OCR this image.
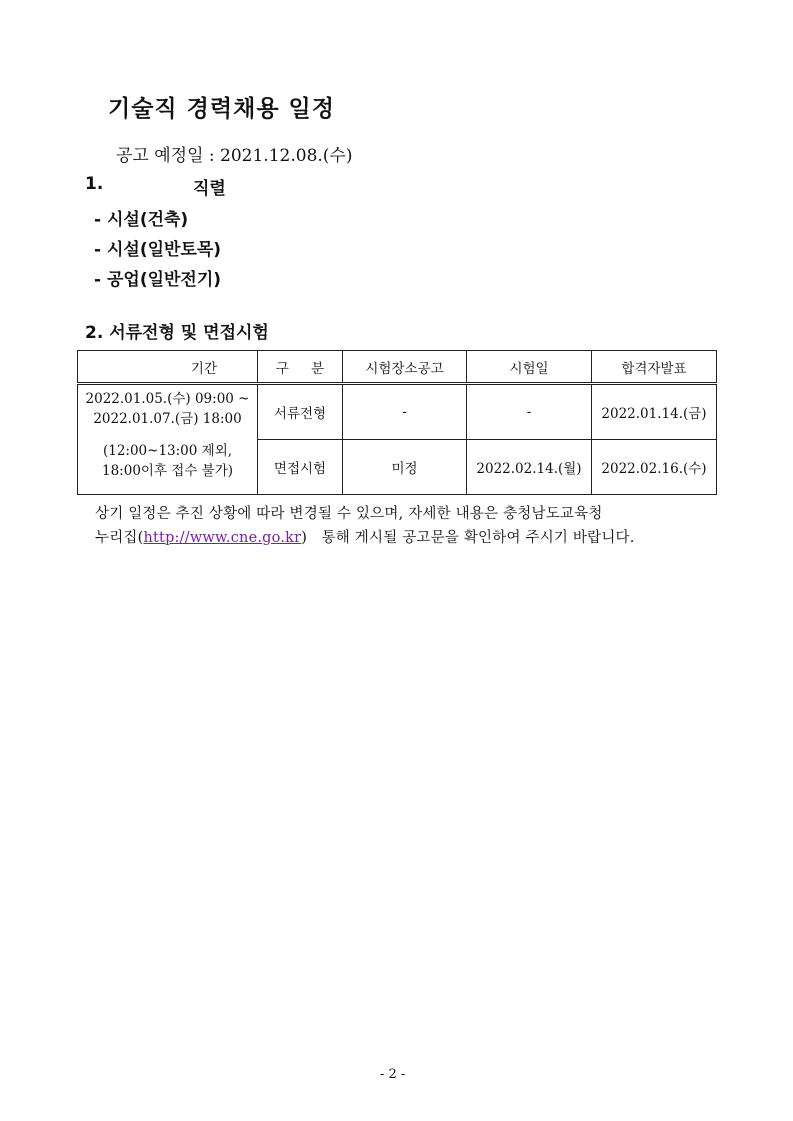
기술직 경력채용 일정
공고 예정일 : 2021.12.08.(수)
1.	직렬
- 시설(건축)
- 시설(일반토목)
- 공업(일반전기)
2. 서류전형 및 면접시험
기간	구 분	시험장소공고	시험일	합격자발표

2022.01.05.(수) 09:00 ~
2022.01.07.(금) 18:00
(12:00~13:00 제외,
18:00이후 접수 불가)	서류전형	-	-	2022.01.14.(금)
	면접시험	미정	2022.02.14.(월)	2022.02.16.(수)
상기 일정은 추진 상황에 따라 변경될 수 있으며, 자세한 내용은 충청남도교육청
누리집(http://www.cne.go.kr)   통해 게시될 공고문을 확인하여 주시기 바랍니다.
- 2 -
